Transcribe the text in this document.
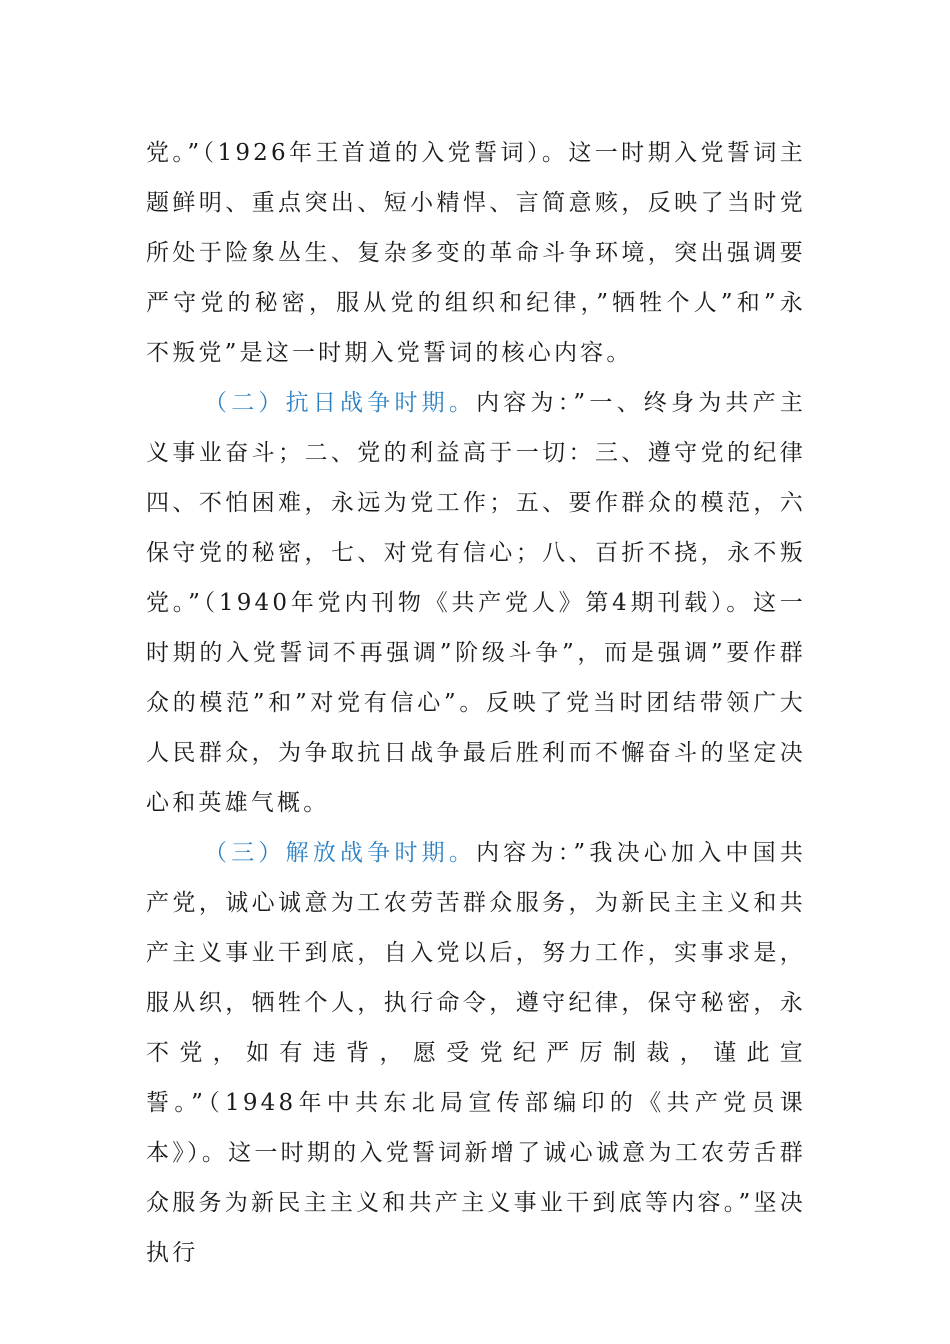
党。”（1926年王首道的入党誓词）。这一时期入党誓词主题鲜明、重点突出、短小精悍、言简意赅，反映了当时党所处于险象丛生、复杂多变的革命斗争环境，突出强调要严守党的秘密，服从党的组织和纪律，”牺牲个人”和”永不叛党”是这一时期入党誓词的核心内容。

（二）抗日战争时期。内容为：”一、终身为共产主义事业奋斗；二、党的利益高于一切：三、遵守党的纪律四、不怕困难，永远为党工作；五、要作群众的模范，六保守党的秘密，七、对党有信心；八、百折不挠，永不叛党。”（1940年党内刊物《共产党人》第4期刊载）。这一时期的入党誓词不再强调”阶级斗争”，而是强调”要作群众的模范”和”对党有信心”。反映了党当时团结带领广大人民群众，为争取抗日战争最后胜利而不懈奋斗的坚定决心和英雄气概。

（三）解放战争时期。内容为：”我决心加入中国共产党，诚心诚意为工农劳苦群众服务，为新民主主义和共产主义事业干到底，自入党以后，努力工作，实事求是，服从织，牺牲个人，执行命令，遵守纪律，保守秘密，永不党，如有违背，愿受党纪严厉制裁，谨此宣誓。”（1948年中共东北局宣传部编印的《共产党员课本》）。这一时期的入党誓词新增了诚心诚意为工农劳舌群众服务为新民主主义和共产主义事业干到底等内容。”坚决执行
